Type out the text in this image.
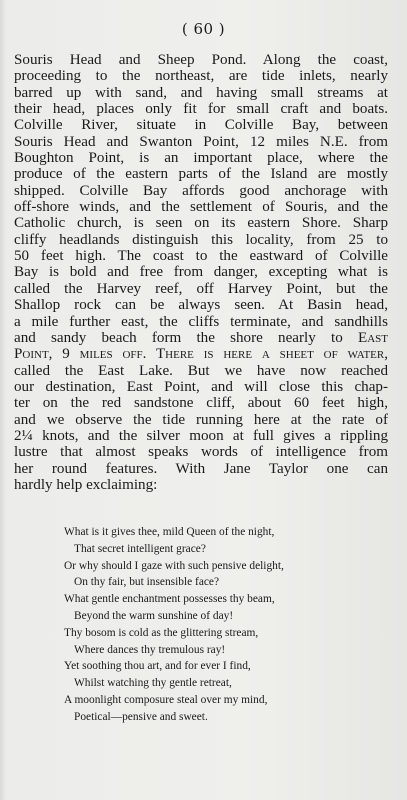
( 60 )
Souris Head and Sheep Pond. Along the coast,
proceeding to the northeast, are tide inlets, nearly
barred up with sand, and having small streams at
their head, places only fit for small craft and boats.
Colville River, situate in Colville Bay, between
Souris Head and Swanton Point, 12 miles N.E. from
Boughton Point, is an important place, where the
produce of the eastern parts of the Island are mostly
shipped. Colville Bay affords good anchorage with
off-shore winds, and the settlement of Souris, and the
Catholic church, is seen on its eastern Shore. Sharp
cliffy headlands distinguish this locality, from 25 to
50 feet high. The coast to the eastward of Colville
Bay is bold and free from danger, excepting what is
called the Harvey reef, off Harvey Point, but the
Shallop rock can be always seen. At Basin head,
a mile further east, the cliffs terminate, and sandhills
and sandy beach form the shore nearly to East
Point, 9 miles off. There is here a sheet of water,
called the East Lake. But we have now reached
our destination, East Point, and will close this chap-
ter on the red sandstone cliff, about 60 feet high,
and we observe the tide running here at the rate of
2¼ knots, and the silver moon at full gives a rippling
lustre that almost speaks words of intelligence from
her round features. With Jane Taylor one can
hardly help exclaiming:
What is it gives thee, mild Queen of the night,
That secret intelligent grace?
Or why should I gaze with such pensive delight,
On thy fair, but insensible face?
What gentle enchantment possesses thy beam,
Beyond the warm sunshine of day!
Thy bosom is cold as the glittering stream,
Where dances thy tremulous ray!
Yet soothing thou art, and for ever I find,
Whilst watching thy gentle retreat,
A moonlight composure steal over my mind,
Poetical—pensive and sweet.
